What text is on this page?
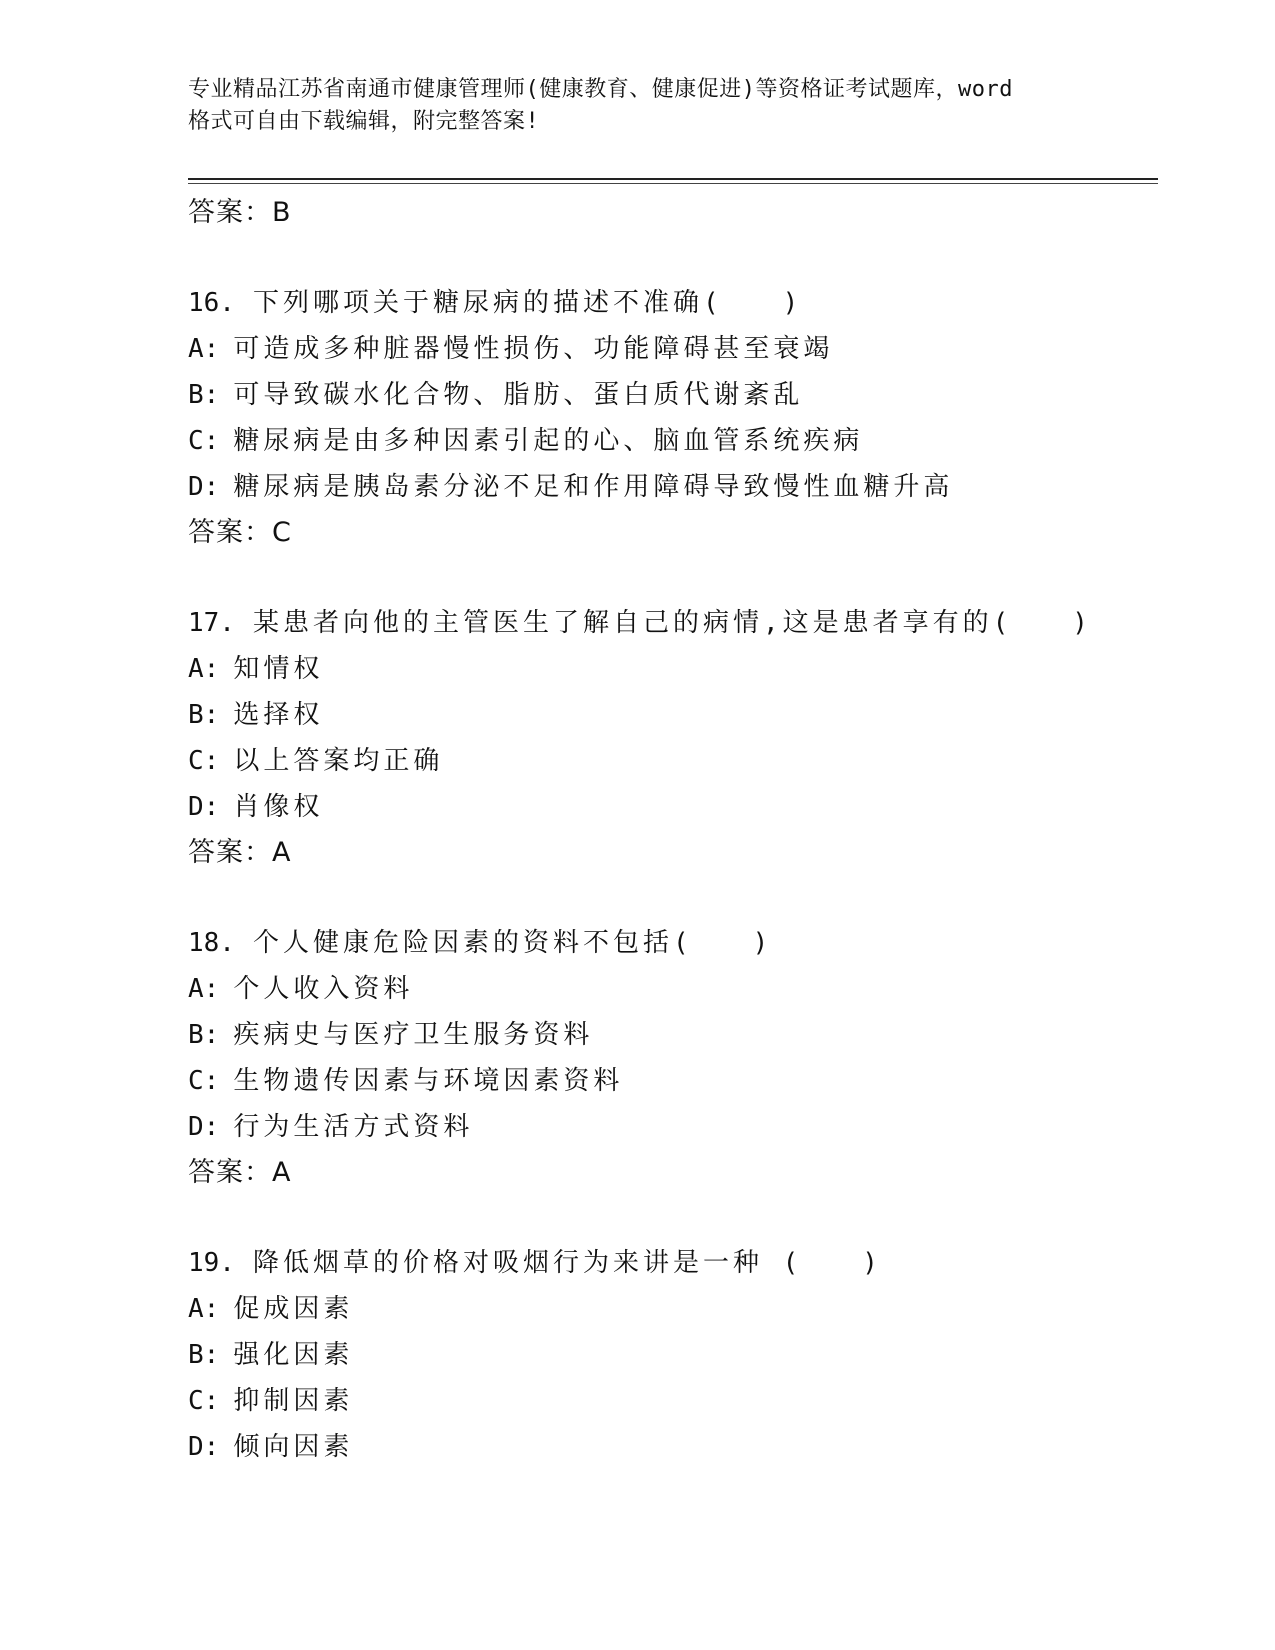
专业精品江苏省南通市健康管理师(健康教育、健康促进)等资格证考试题库，word
格式可自由下载编辑，附完整答案!
答案：B
16. 下列哪项关于糖尿病的描述不准确(　　)
A: 可造成多种脏器慢性损伤、功能障碍甚至衰竭
B: 可导致碳水化合物、脂肪、蛋白质代谢紊乱
C: 糖尿病是由多种因素引起的心、脑血管系统疾病
D: 糖尿病是胰岛素分泌不足和作用障碍导致慢性血糖升高
答案：C
17. 某患者向他的主管医生了解自己的病情,这是患者享有的(　　)
A: 知情权
B: 选择权
C: 以上答案均正确
D: 肖像权
答案：A
18. 个人健康危险因素的资料不包括(　　)
A: 个人收入资料
B: 疾病史与医疗卫生服务资料
C: 生物遗传因素与环境因素资料
D: 行为生活方式资料
答案：A
19. 降低烟草的价格对吸烟行为来讲是一种 (　　)
A: 促成因素
B: 强化因素
C: 抑制因素
D: 倾向因素
